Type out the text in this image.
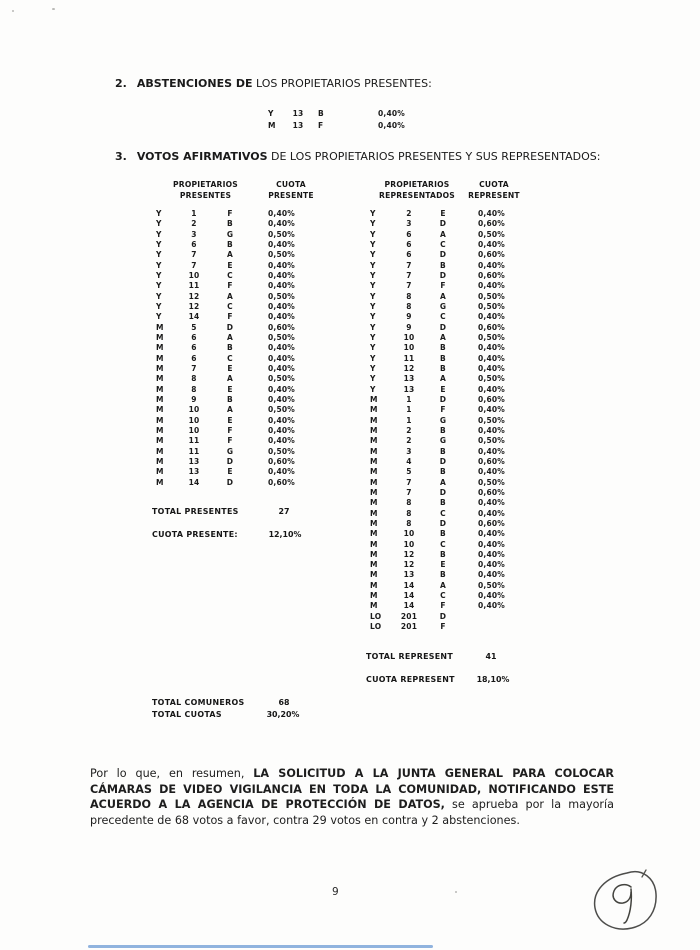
2. ABSTENCIONES DE LOS PROPIETARIOS PRESENTES:
Y	13	B	0,40%
M	13	F	0,40%
3. VOTOS AFIRMATIVOS DE LOS PROPIETARIOS PRESENTES Y SUS REPRESENTADOS:
PROPIETARIOS
PRESENTES
CUOTA
PRESENTE
PROPIETARIOS
REPRESENTADOS
CUOTA
REPRESENT
Y	1	F	0,40%
Y	2	B	0,40%
Y	3	G	0,50%
Y	6	B	0,40%
Y	7	A	0,50%
Y	7	E	0,40%
Y	10	C	0,40%
Y	11	F	0,40%
Y	12	A	0,50%
Y	12	C	0,40%
Y	14	F	0,40%
M	5	D	0,60%
M	6	A	0,50%
M	6	B	0,40%
M	6	C	0,40%
M	7	E	0,40%
M	8	A	0,50%
M	8	E	0,40%
M	9	B	0,40%
M	10	A	0,50%
M	10	E	0,40%
M	10	F	0,40%
M	11	F	0,40%
M	11	G	0,50%
M	13	D	0,60%
M	13	E	0,40%
M	14	D	0,60%
Y	2	E	0,40%
Y	3	D	0,60%
Y	6	A	0,50%
Y	6	C	0,40%
Y	6	D	0,60%
Y	7	B	0,40%
Y	7	D	0,60%
Y	7	F	0,40%
Y	8	A	0,50%
Y	8	G	0,50%
Y	9	C	0,40%
Y	9	D	0,60%
Y	10	A	0,50%
Y	10	B	0,40%
Y	11	B	0,40%
Y	12	B	0,40%
Y	13	A	0,50%
Y	13	E	0,40%
M	1	D	0,60%
M	1	F	0,40%
M	1	G	0,50%
M	2	B	0,40%
M	2	G	0,50%
M	3	B	0,40%
M	4	D	0,60%
M	5	B	0,40%
M	7	A	0,50%
M	7	D	0,60%
M	8	B	0,40%
M	8	C	0,40%
M	8	D	0,60%
M	10	B	0,40%
M	10	C	0,40%
M	12	B	0,40%
M	12	E	0,40%
M	13	B	0,40%
M	14	A	0,50%
M	14	C	0,40%
M	14	F	0,40%
LO	201	D
LO	201	F
TOTAL PRESENTES	27
CUOTA PRESENTE:	12,10%
TOTAL REPRESENT	41
CUOTA REPRESENT	18,10%
TOTAL COMUNEROS	68
TOTAL CUOTAS	30,20%
Por lo que, en resumen, LA SOLICITUD A LA JUNTA GENERAL PARA COLOCAR CÁMARAS DE VIDEO VIGILANCIA EN TODA LA COMUNIDAD, NOTIFICANDO ESTE ACUERDO A LA AGENCIA DE PROTECCIÓN DE DATOS, se aprueba por la mayoría precedente de 68 votos a favor, contra 29 votos en contra y 2 abstenciones.
9
